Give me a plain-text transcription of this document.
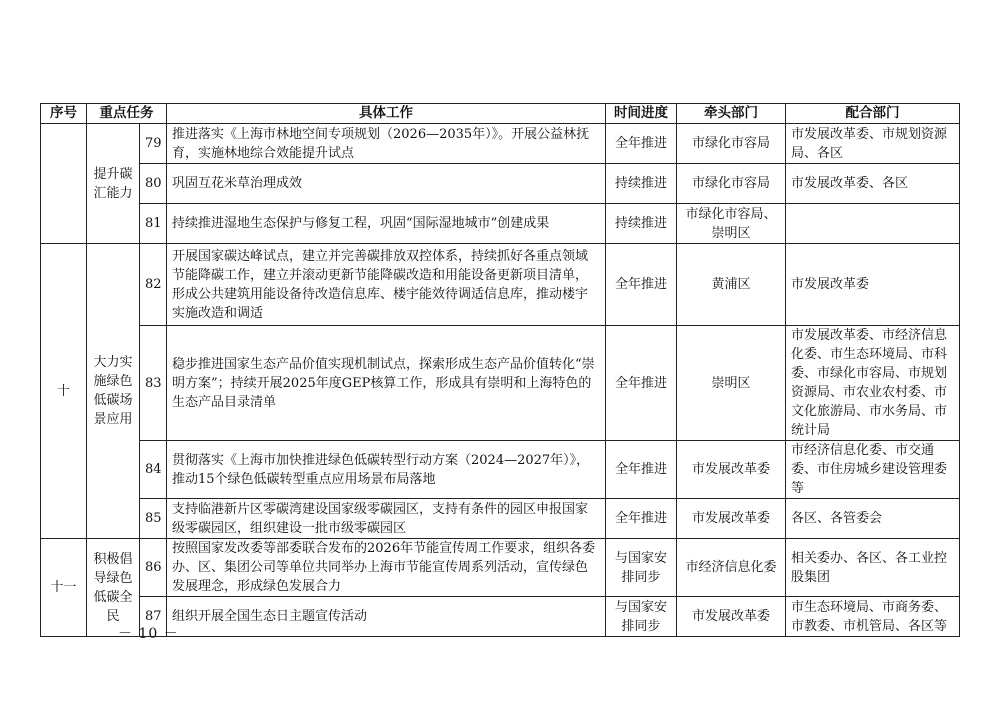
序号	重点任务		具体工作	时间进度	牵头部门	配合部门
	提升碳汇能力	79	推进落实《上海市林地空间专项规划（2026—2035年）》。开展公益林抚育，实施林地综合效能提升试点	全年推进	市绿化市容局	市发展改革委、市规划资源局、各区
		80	巩固互花米草治理成效	持续推进	市绿化市容局	市发展改革委、各区
		81	持续推进湿地生态保护与修复工程，巩固“国际湿地城市”创建成果	持续推进	市绿化市容局、崇明区	
十	大力实施绿色低碳场景应用	82	开展国家碳达峰试点，建立并完善碳排放双控体系，持续抓好各重点领域节能降碳工作，建立并滚动更新节能降碳改造和用能设备更新项目清单，形成公共建筑用能设备待改造信息库、楼宇能效待调适信息库，推动楼宇实施改造和调适	全年推进	黄浦区	市发展改革委
		83	稳步推进国家生态产品价值实现机制试点，探索形成生态产品价值转化“崇明方案”；持续开展2025年度GEP核算工作，形成具有崇明和上海特色的生态产品目录清单	全年推进	崇明区	市发展改革委、市经济信息化委、市生态环境局、市科委、市绿化市容局、市规划资源局、市农业农村委、市文化旅游局、市水务局、市统计局
		84	贯彻落实《上海市加快推进绿色低碳转型行动方案（2024—2027年）》，推动15个绿色低碳转型重点应用场景布局落地	全年推进	市发展改革委	市经济信息化委、市交通委、市住房城乡建设管理委等
		85	支持临港新片区零碳湾建设国家级零碳园区，支持有条件的园区申报国家级零碳园区，组织建设一批市级零碳园区	全年推进	市发展改革委	各区、各管委会
十一	积极倡导绿色低碳全民	86	按照国家发改委等部委联合发布的2026年节能宣传周工作要求，组织各委办、区、集团公司等单位共同举办上海市节能宣传周系列活动，宣传绿色发展理念，形成绿色发展合力	与国家安排同步	市经济信息化委	相关委办、各区、各工业控股集团
		87	组织开展全国生态日主题宣传活动	与国家安排同步	市发展改革委	市生态环境局、市商务委、市教委、市机管局、各区等
－ 10 －
